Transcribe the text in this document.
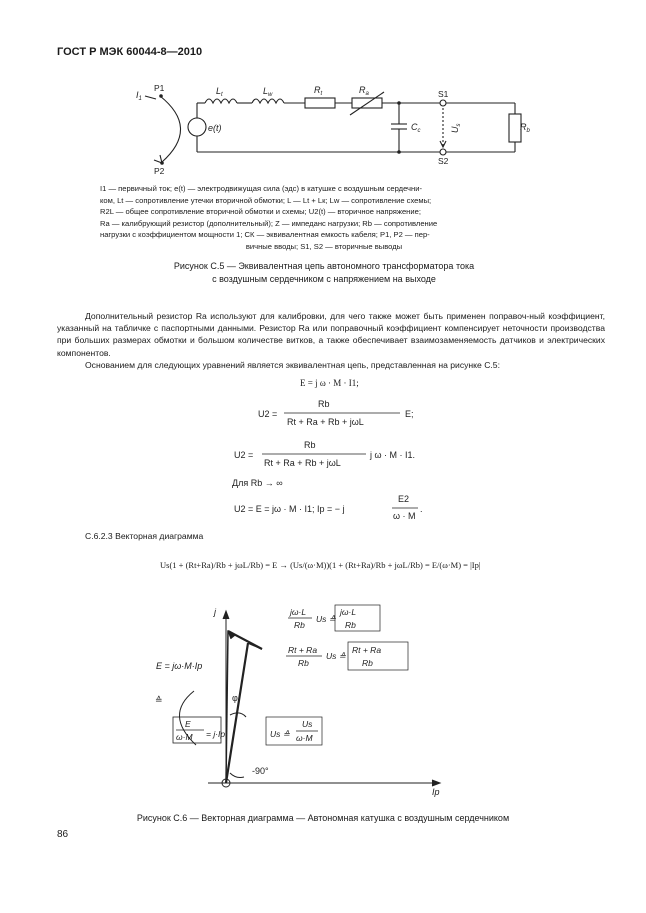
ГОСТ Р МЭК 60044-8—2010
$I_1$
$L_t$	$L_w$	$R_t$	$R_a$
$C_c$	$R_b$
e(t)	$U_s$
P1
P2
S1
S2

I1 — первичный ток; e(t) — электродвижущая сила (эдс) в катушке с воздушным сердечни-

ком, Lt — сопротивление утечки вторичной обмотки; L — Lt + Lк; Lw — сопротивление схемы;

R2L — общее сопротивление вторичной обмотки и схемы; U2(t) — вторичное напряжение;

Ra — калибрующий резистор (дополнительный); Z — импеданс нагрузки; Rb — сопротивление

нагрузки с коэффициентом мощности 1; CК — эквивалентная емкость кабеля; P1, P2 — пер-

вичные вводы; S1, S2 — вторичные выводы

Рисунок С.5 — Эквивалентная цепь автономного трансформатора тока
с воздушным сердечником с напряжением на выходе

Дополнительный резистор Ra используют для калибровки, для чего также может быть применен поправоч-ный коэффициент, указанный на табличке с паспортными данными. Резистор Ra или поправочный коэффициент компенсирует неточности производства при больших размерах обмотки и большом количестве витков, а также обеспечивает взаимозаменяемость датчиков и электрических компонентов.

Основанием для следующих уравнений является эквивалентная цепь, представленная на рисунке С.5:

E = j ω · M · I1;
U2 =
Rb
Rt + Ra + Rb + jωL
E;
U2 =
Rb
Rt + Ra + Rb + jωL
j ω · M · I1.
Для Rb → ∞
U2 = E = jω · M · I1; Ip = − j
E2
ω · M
.
С.6.2.3 Векторная диаграмма
Us(1 + (Rt+Ra)/Rb + jωL/Rb) = E → (Us/(ω·M))(1 + (Rt+Ra)/Rb + jωL/Rb) = E/(ω·M) = |Ip|
j
Ip
φ
-90°
E = jω·M·Ip
≙
E
ω·M = j·Ip
jω·L
Rb
Us ≙
jω·L
Rb
Rt + Ra
Rb
Us ≙
Rt + Ra
Rb
Us ≙
Us
ω·M
Рисунок С.6 — Векторная диаграмма — Автономная катушка с воздушным сердечником
86
